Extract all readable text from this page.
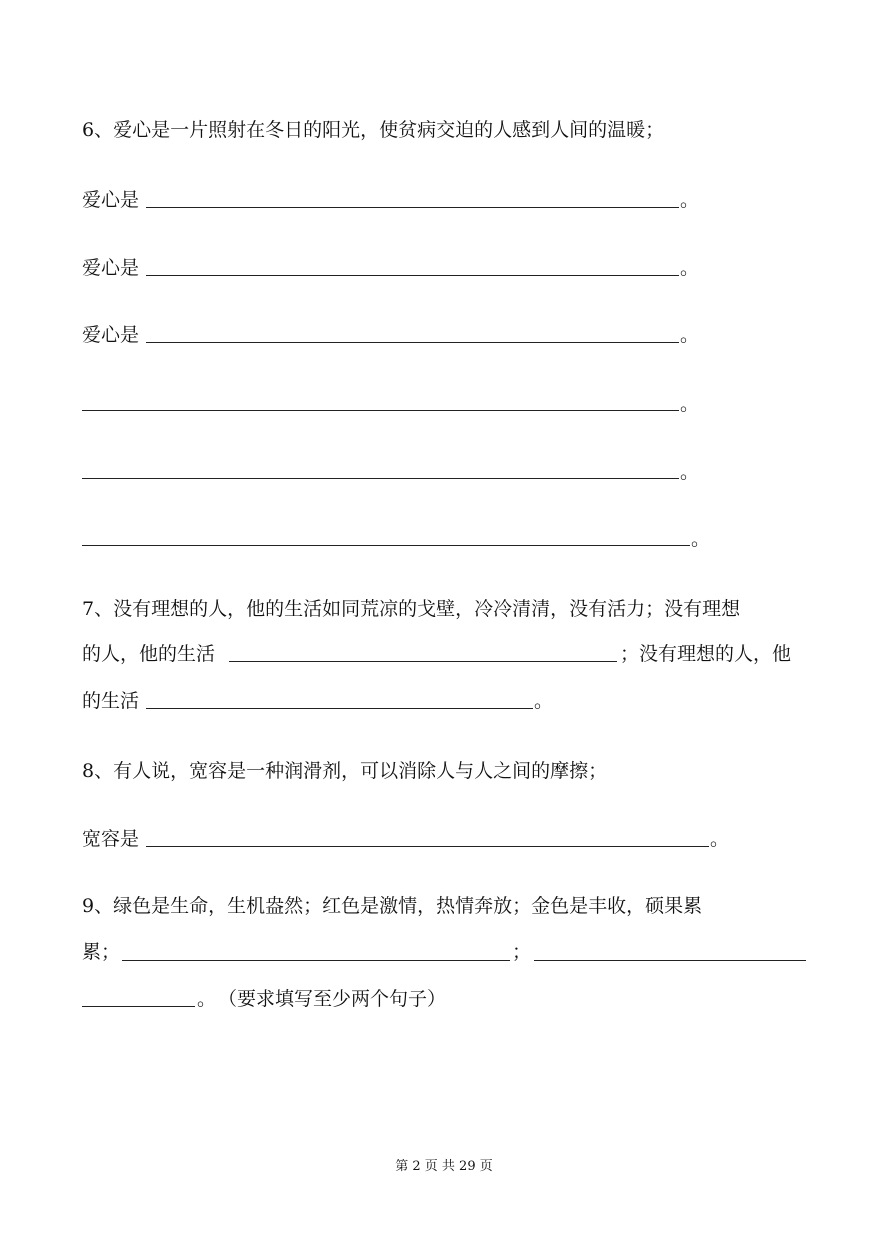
6、爱心是一片照射在冬日的阳光，使贫病交迫的人感到人间的温暖；
爱心是	。
爱心是	。
爱心是	。
。
。
。
7、没有理想的人，他的生活如同荒凉的戈壁，冷冷清清，没有活力；没有理想
的人，他的生活	；没有理想的人，他
的生活	。
8、有人说，宽容是一种润滑剂，可以消除人与人之间的摩擦；
宽容是	。
9、绿色是生命，生机盎然；红色是激情，热情奔放；金色是丰收，硕果累
累；	；
。 （要求填写至少两个句子）
第 2 页 共 29 页
